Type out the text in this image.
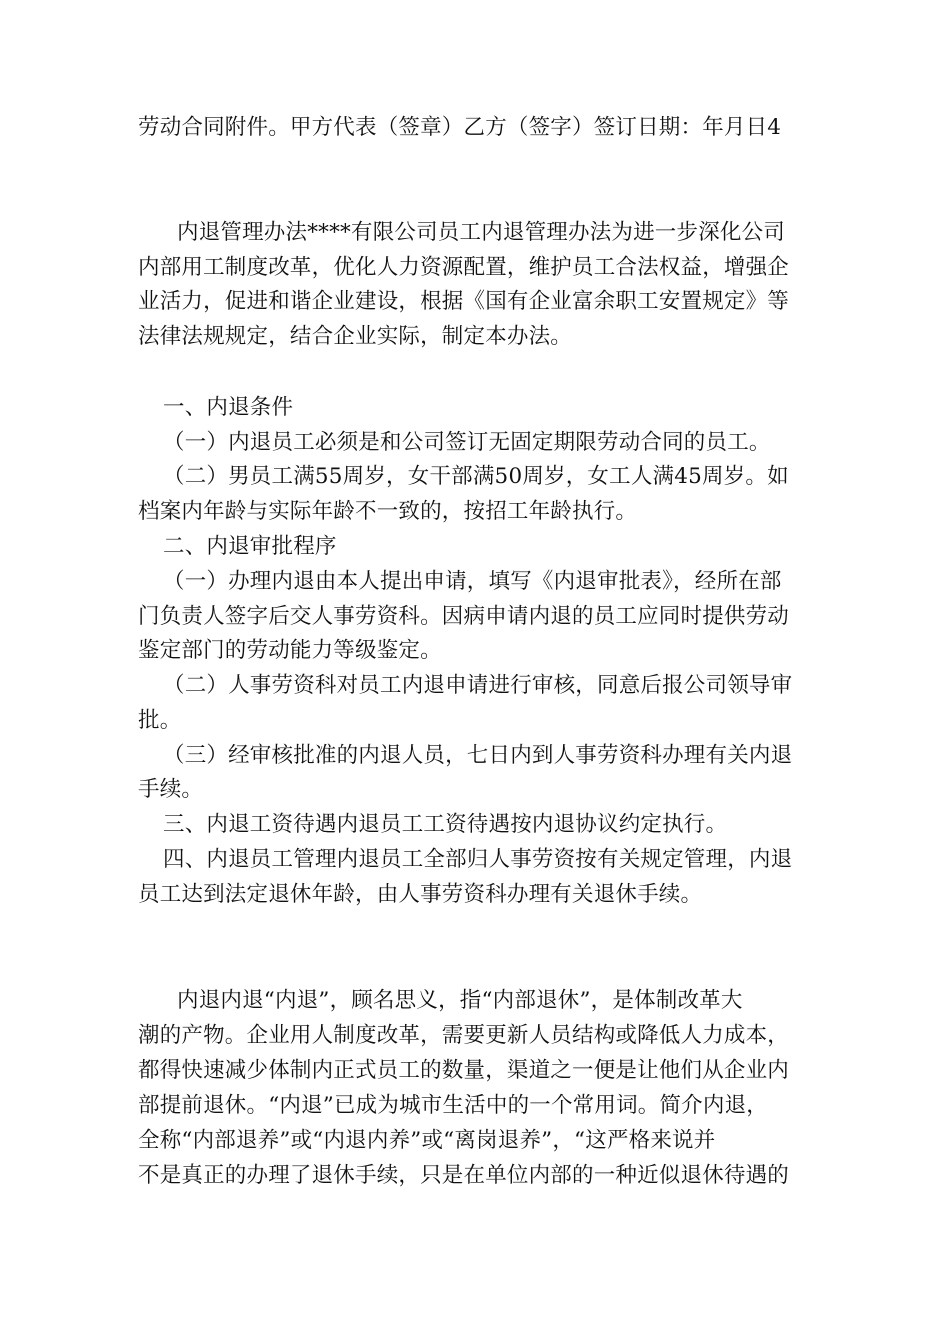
劳动合同附件。甲方代表（签章）乙方（签字）签订日期：年月日4
内退管理办法****有限公司员工内退管理办法为进一步深化公司
内部用工制度改革，优化人力资源配置，维护员工合法权益，增强企
业活力，促进和谐企业建设，根据《国有企业富余职工安置规定》等
法律法规规定，结合企业实际，制定本办法。
一、内退条件
（一）内退员工必须是和公司签订无固定期限劳动合同的员工。
（二）男员工满55周岁，女干部满50周岁，女工人满45周岁。如
档案内年龄与实际年龄不一致的，按招工年龄执行。
二、内退审批程序
（一）办理内退由本人提出申请，填写《内退审批表》，经所在部
门负责人签字后交人事劳资科。因病申请内退的员工应同时提供劳动
鉴定部门的劳动能力等级鉴定。
（二）人事劳资科对员工内退申请进行审核，同意后报公司领导审
批。
（三）经审核批准的内退人员，七日内到人事劳资科办理有关内退
手续。
三、内退工资待遇内退员工工资待遇按内退协议约定执行。
四、内退员工管理内退员工全部归人事劳资按有关规定管理，内退
员工达到法定退休年龄，由人事劳资科办理有关退休手续。
内退内退“内退”，顾名思义，指“内部退休”，是体制改革大
潮的产物。企业用人制度改革，需要更新人员结构或降低人力成本，
都得快速减少体制内正式员工的数量，渠道之一便是让他们从企业内
部提前退休。“内退”已成为城市生活中的一个常用词。简介内退，
全称“内部退养”或“内退内养”或“离岗退养”，“这严格来说并
不是真正的办理了退休手续，只是在单位内部的一种近似退休待遇的
